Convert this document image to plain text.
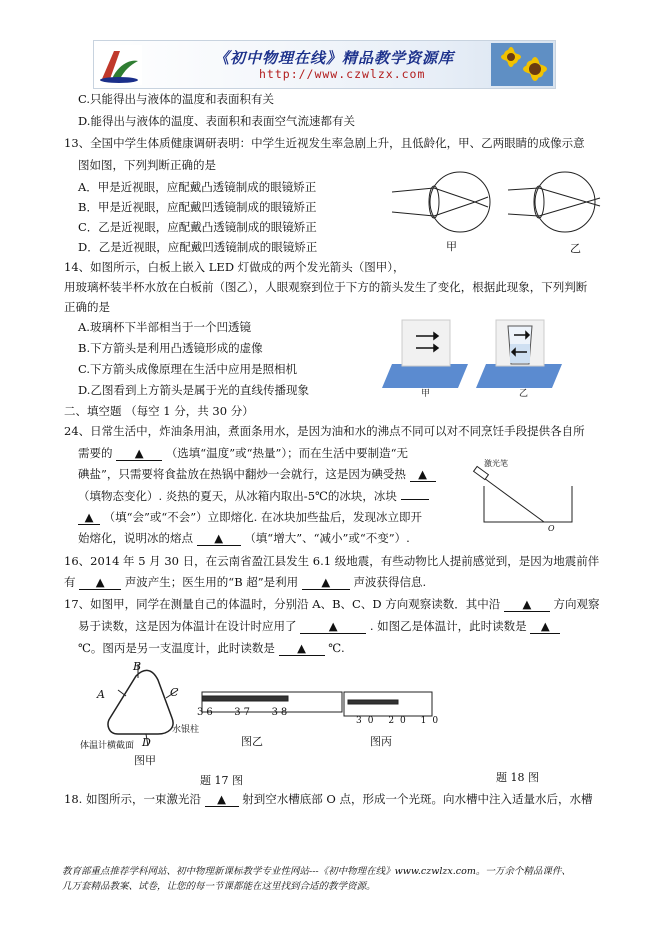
《初中物理在线》精品教学资源库
http://www.czwlzx.com
C.只能得出与液体的温度和表面积有关
D.能得出与液体的温度、表面积和表面空气流速都有关
13、全国中学生体质健康调研表明：中学生近视发生率急剧上升，且低龄化，甲、乙两眼睛的成像示意
图如图，下列判断正确的是
A．甲是近视眼，应配戴凸透镜制成的眼镜矫正
B．甲是近视眼，应配戴凹透镜制成的眼镜矫正
C．乙是近视眼，应配戴凸透镜制成的眼镜矫正
D．乙是近视眼，应配戴凹透镜制成的眼镜矫正
14、如图所示，白板上嵌入 LED 灯做成的两个发光箭头（图甲），
用玻璃杯装半杯水放在白板前（图乙），人眼观察到位于下方的箭头发生了变化，根据此现象，下列判断
正确的是
A.玻璃杯下半部相当于一个凹透镜
B.下方箭头是利用凸透镜形成的虚像
C.下方箭头成像原理在生活中应用是照相机
D.乙图看到上方箭头是属于光的直线传播现象
二、填空题 （每空 1 分，共 30 分）
24、日常生活中，炸油条用油，煮面条用水，是因为油和水的沸点不同可以对不同烹饪手段提供各自所
需要的 ▲ （选填“温度”或“热量”）；而在生活中要制造“无
碘盐”，只需要将食盐放在热锅中翻炒一会就行，这是因为碘受热 ▲
（填物态变化）. 炎热的夏天，从冰箱内取出-5℃的冰块，冰块
▲ （填“会”或“不会”）立即熔化. 在冰块加些盐后，发现冰立即开
始熔化，说明冰的熔点 ▲ （填“增大”、“减小”或“不变”）.
16、2014 年 5 月 30 日，在云南省盈江县发生 6.1 级地震，有些动物比人提前感觉到，是因为地震前伴
有 ▲ 声波产生；医生用的“B 超”是利用 ▲ 声波获得信息.
17、如图甲，同学在测量自己的体温时，分别沿 A、B、C、D 方向观察读数．其中沿 ▲ 方向观察
易于读数，这是因为体温计在设计时应用了	▲	. 如图乙是体温计，此时读数是 ▲
℃。图丙是另一支温度计，此时读数是 ▲ ℃.
18. 如图所示，一束激光沿 ▲ 射到空水槽底部 O 点，形成一个光斑。向水槽中注入适量水后，水槽
甲	乙
甲	乙
激光笔
O
36 37 38
30 20 10
A
B
C
D
水银柱
体温计横截面
图甲
图乙	图丙
题 17 图	题 18 图
教育部重点推荐学科网站、初中物理新课标教学专业性网站---《初中物理在线》www.czwlzx.com。一万余个精品课件、
几万套精品教案、试卷，让您的每一节课都能在这里找到合适的教学资源。
